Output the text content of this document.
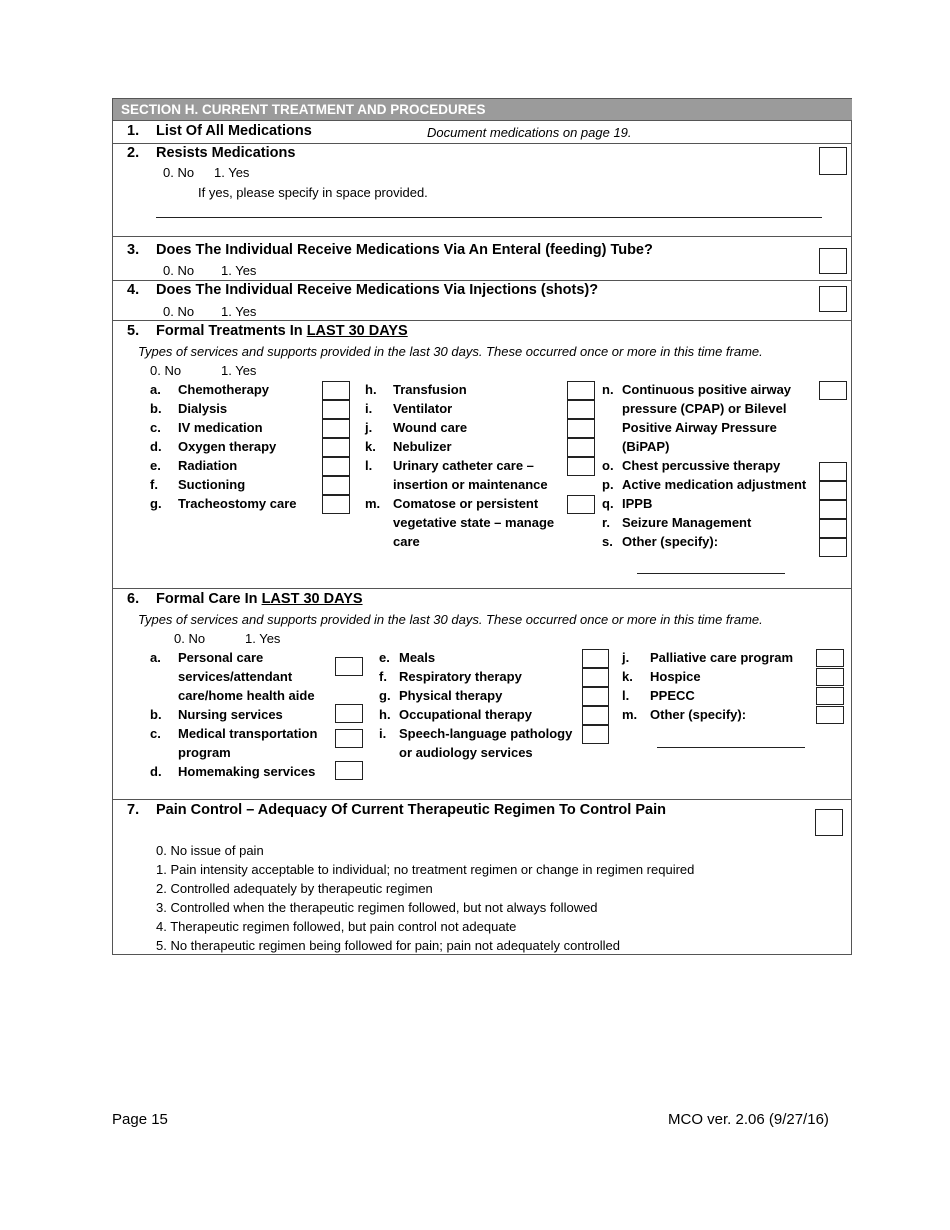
SECTION H. CURRENT TREATMENT AND PROCEDURES
1. List Of All Medications	Document medications on page 19.
2. Resists Medications
0. No 1. Yes
If yes, please specify in space provided.
3. Does The Individual Receive Medications Via An Enteral (feeding) Tube?
0. No 1. Yes
4. Does The Individual Receive Medications Via Injections (shots)?
0. No 1. Yes
5. Formal Treatments In LAST 30 DAYS
Types of services and supports provided in the last 30 days. These occurred once or more in this time frame.
0. No	1. Yes
a. Chemotherapy
b. Dialysis
c. IV medication
d. Oxygen therapy
e. Radiation
f. Suctioning
g. Tracheostomy care
h. Transfusion
i. Ventilator
j. Wound care
k. Nebulizer
l. Urinary catheter care –
insertion or maintenance
m. Comatose or persistent
vegetative state – manage
care
n. Continuous positive airway
pressure (CPAP) or Bilevel
Positive Airway Pressure
(BiPAP)
o. Chest percussive therapy
p. Active medication adjustment
q. IPPB
r. Seizure Management
s. Other (specify):
6. Formal Care In LAST 30 DAYS
Types of services and supports provided in the last 30 days. These occurred once or more in this time frame.
0. No	1. Yes
a. Personal care
services/attendant
care/home health aide
b. Nursing services
c. Medical transportation
program
d. Homemaking services
e. Meals
f. Respiratory therapy
g. Physical therapy
h. Occupational therapy
i. Speech-language pathology
or audiology services
j. Palliative care program
k. Hospice
l. PPECC
m. Other (specify):
7. Pain Control – Adequacy Of Current Therapeutic Regimen To Control Pain
0. No issue of pain
1. Pain intensity acceptable to individual; no treatment regimen or change in regimen required
2. Controlled adequately by therapeutic regimen
3. Controlled when the therapeutic regimen followed, but not always followed
4. Therapeutic regimen followed, but pain control not adequate
5. No therapeutic regimen being followed for pain; pain not adequately controlled
Page 15	MCO ver. 2.06 (9/27/16)
